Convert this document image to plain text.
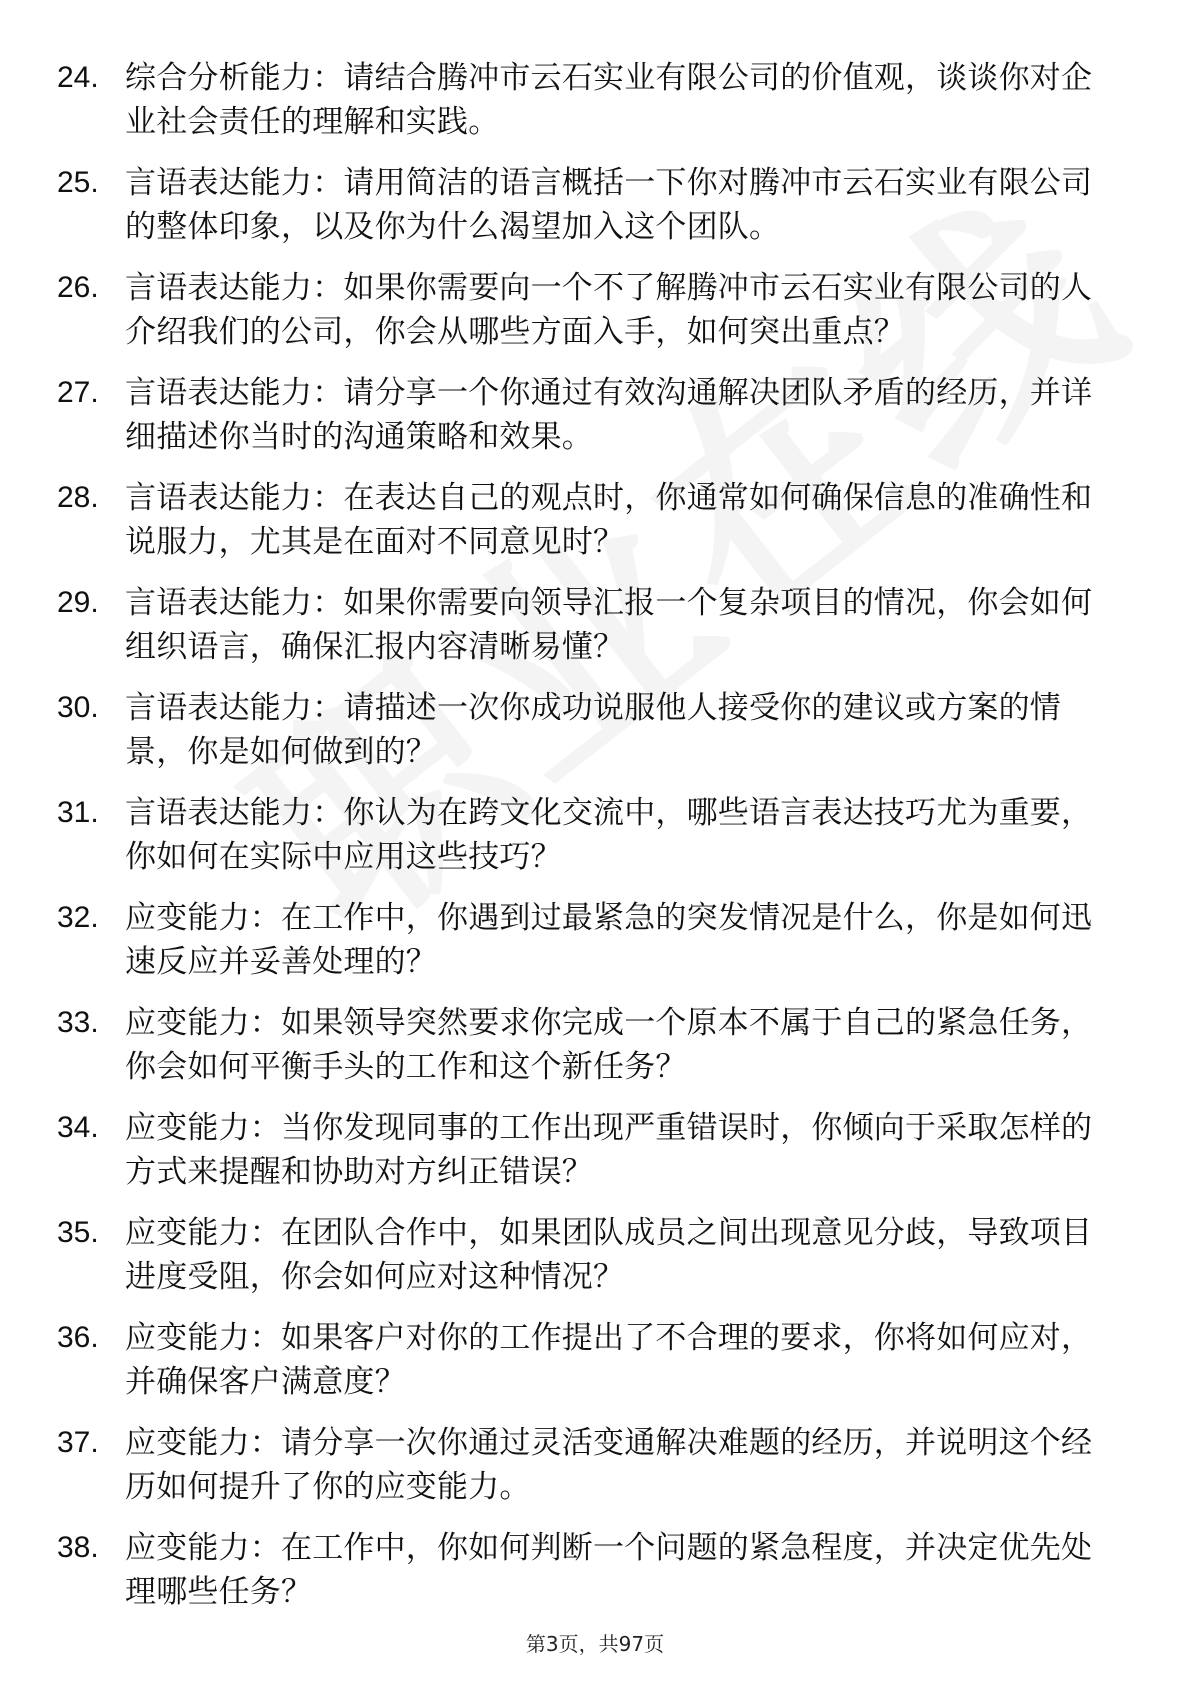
24. 综合分析能力：请结合腾冲市云石实业有限公司的价值观，谈谈你对企业社会责任的理解和实践。
25. 言语表达能力：请用简洁的语言概括一下你对腾冲市云石实业有限公司的整体印象，以及你为什么渴望加入这个团队。
26. 言语表达能力：如果你需要向一个不了解腾冲市云石实业有限公司的人介绍我们的公司，你会从哪些方面入手，如何突出重点？
27. 言语表达能力：请分享一个你通过有效沟通解决团队矛盾的经历，并详细描述你当时的沟通策略和效果。
28. 言语表达能力：在表达自己的观点时，你通常如何确保信息的准确性和说服力，尤其是在面对不同意见时？
29. 言语表达能力：如果你需要向领导汇报一个复杂项目的情况，你会如何组织语言，确保汇报内容清晰易懂？
30. 言语表达能力：请描述一次你成功说服他人接受你的建议或方案的情景，你是如何做到的？
31. 言语表达能力：你认为在跨文化交流中，哪些语言表达技巧尤为重要，你如何在实际中应用这些技巧？
32. 应变能力：在工作中，你遇到过最紧急的突发情况是什么，你是如何迅速反应并妥善处理的？
33. 应变能力：如果领导突然要求你完成一个原本不属于自己的紧急任务，你会如何平衡手头的工作和这个新任务？
34. 应变能力：当你发现同事的工作出现严重错误时，你倾向于采取怎样的方式来提醒和协助对方纠正错误？
35. 应变能力：在团队合作中，如果团队成员之间出现意见分歧，导致项目进度受阻，你会如何应对这种情况？
36. 应变能力：如果客户对你的工作提出了不合理的要求，你将如何应对，并确保客户满意度？
37. 应变能力：请分享一次你通过灵活变通解决难题的经历，并说明这个经历如何提升了你的应变能力。
38. 应变能力：在工作中，你如何判断一个问题的紧急程度，并决定优先处理哪些任务？
第3页，共97页
